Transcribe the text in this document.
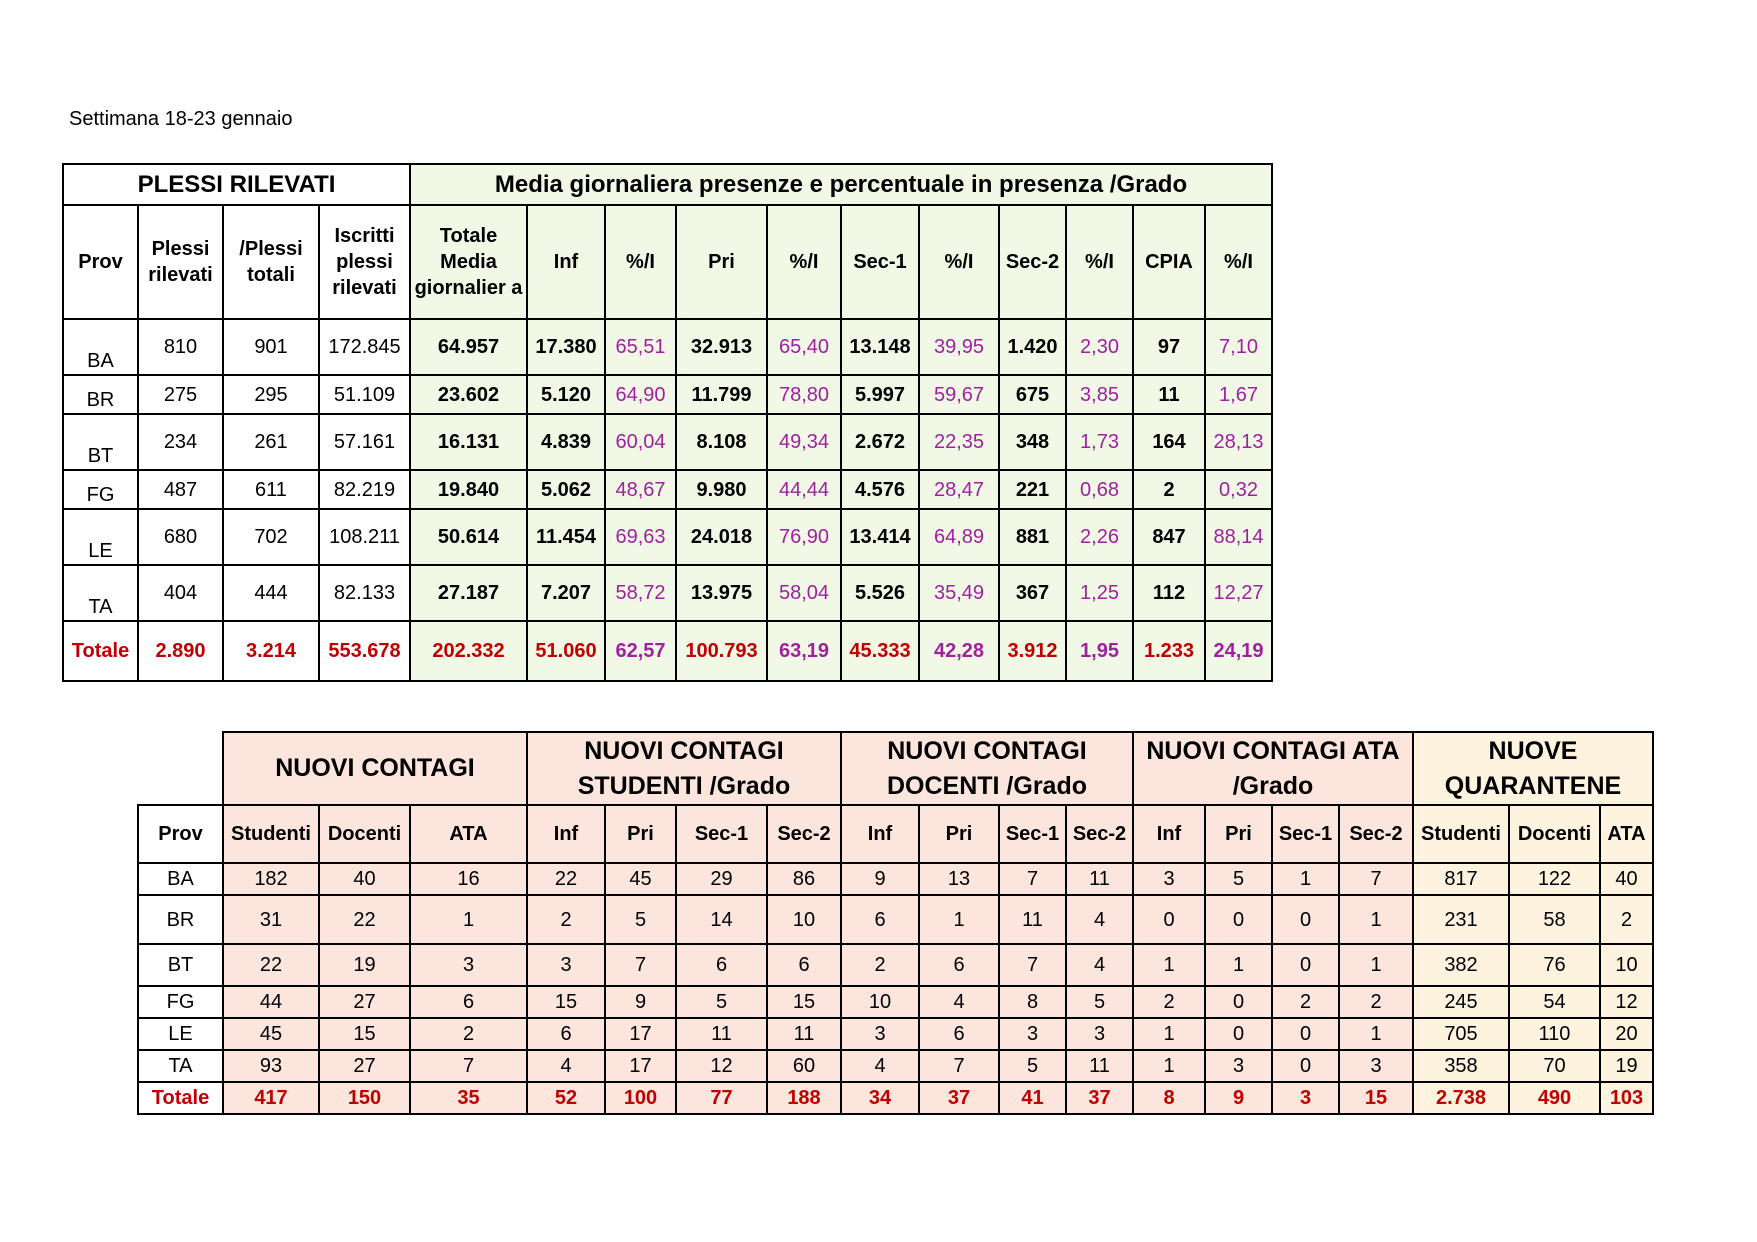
Settimana 18-23 gennaio
PLESSI RILEVATI				Media giornaliera presenze e percentuale in presenza /Grado										
Prov	Plessi rilevati	/Plessi totali	Iscritti plessi rilevati	Totale Media giornalier a	Inf	%/I	Pri	%/I	Sec-1	%/I	Sec-2	%/I	CPIA	%/I
BA	810	901	172.845	64.957	17.380	65,51	32.913	65,40	13.148	39,95	1.420	2,30	97	7,10
BR	275	295	51.109	23.602	5.120	64,90	11.799	78,80	5.997	59,67	675	3,85	11	1,67
BT	234	261	57.161	16.131	4.839	60,04	8.108	49,34	2.672	22,35	348	1,73	164	28,13
FG	487	611	82.219	19.840	5.062	48,67	9.980	44,44	4.576	28,47	221	0,68	2	0,32
LE	680	702	108.211	50.614	11.454	69,63	24.018	76,90	13.414	64,89	881	2,26	847	88,14
TA	404	444	82.133	27.187	7.207	58,72	13.975	58,04	5.526	35,49	367	1,25	112	12,27
Totale	2.890	3.214	553.678	202.332	51.060	62,57	100.793	63,19	45.333	42,28	3.912	1,95	1.233	24,19
	NUOVI CONTAGI			NUOVI CONTAGI STUDENTI /Grado				NUOVI CONTAGI DOCENTI /Grado				NUOVI CONTAGI ATA /Grado				NUOVE QUARANTENE		
Prov	Studenti	Docenti	ATA	Inf	Pri	Sec-1	Sec-2	Inf	Pri	Sec-1	Sec-2	Inf	Pri	Sec-1	Sec-2	Studenti	Docenti	ATA
BA	182	40	16	22	45	29	86	9	13	7	11	3	5	1	7	817	122	40
BR	31	22	1	2	5	14	10	6	1	11	4	0	0	0	1	231	58	2
BT	22	19	3	3	7	6	6	2	6	7	4	1	1	0	1	382	76	10
FG	44	27	6	15	9	5	15	10	4	8	5	2	0	2	2	245	54	12
LE	45	15	2	6	17	11	11	3	6	3	3	1	0	0	1	705	110	20
TA	93	27	7	4	17	12	60	4	7	5	11	1	3	0	3	358	70	19
Totale	417	150	35	52	100	77	188	34	37	41	37	8	9	3	15	2.738	490	103
